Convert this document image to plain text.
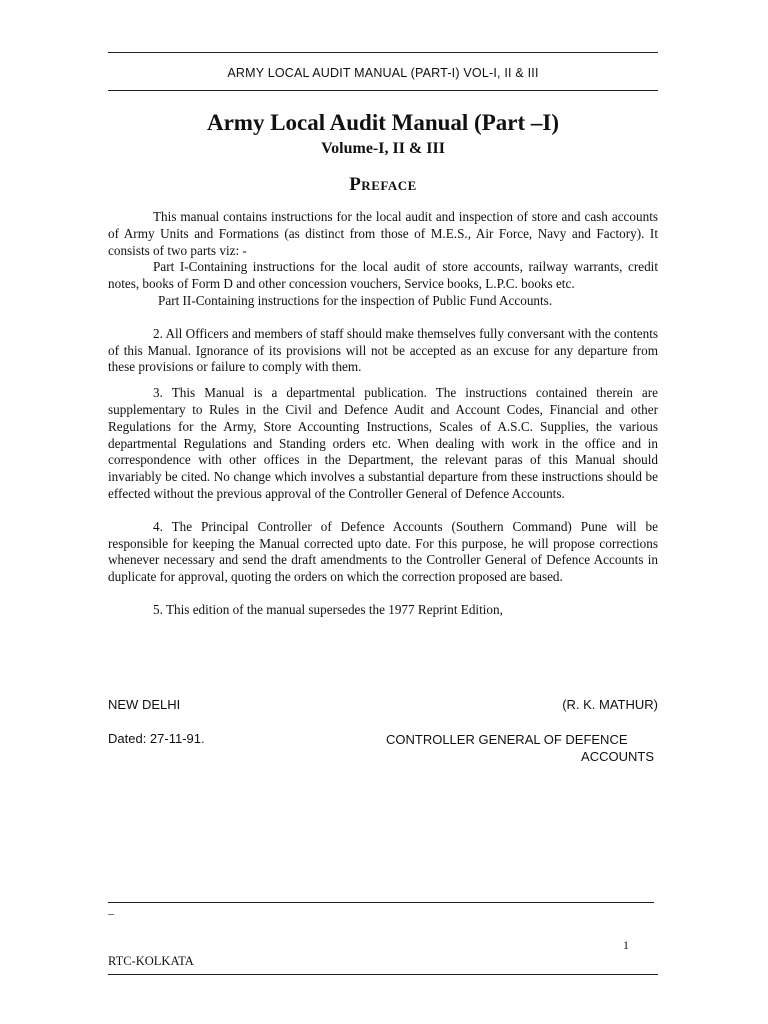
ARMY LOCAL AUDIT MANUAL (PART-I) VOL-I, II & III
Army Local Audit Manual (Part –I)
Volume-I, II & III
Preface

This manual contains instructions for the local audit and inspection of store and cash accounts of Army Units and Formations (as distinct from those of M.E.S., Air Force, Navy and Factory). It consists of two parts viz: -

Part I-Containing instructions for the local audit of store accounts, railway warrants, credit notes, books of Form D and other concession vouchers, Service books, L.P.C. books etc.

Part II-Containing instructions for the inspection of Public Fund Accounts.

2. All Officers and members of staff should make themselves fully conversant with the contents of this Manual. Ignorance of its provisions will not be accepted as an excuse for any departure from these provisions or failure to comply with them.

3. This Manual is a departmental publication. The instructions contained therein are supplementary to Rules in the Civil and Defence Audit and Account Codes, Financial and other Regulations for the Army, Store Accounting Instructions, Scales of A.S.C. Supplies, the various departmental Regulations and Standing orders etc. When dealing with work in the office and in correspondence with other offices in the Department, the relevant paras of this Manual should invariably be cited. No change which involves a substantial departure from these instructions should be effected without the previous approval of the Controller General of Defence Accounts.

4. The Principal Controller of Defence Accounts (Southern Command) Pune will be responsible for keeping the Manual corrected upto date. For this purpose, he will propose corrections whenever necessary and send the draft amendments to the Controller General of Defence Accounts in duplicate for approval, quoting the orders on which the correction proposed are based.

5. This edition of the manual supersedes the 1977 Reprint Edition,

NEW DELHI	(R. K. MATHUR)
Dated: 27-11-91.	CONTROLLER GENERAL OF DEFENCE
ACCOUNTS
–
1
RTC-KOLKATA
